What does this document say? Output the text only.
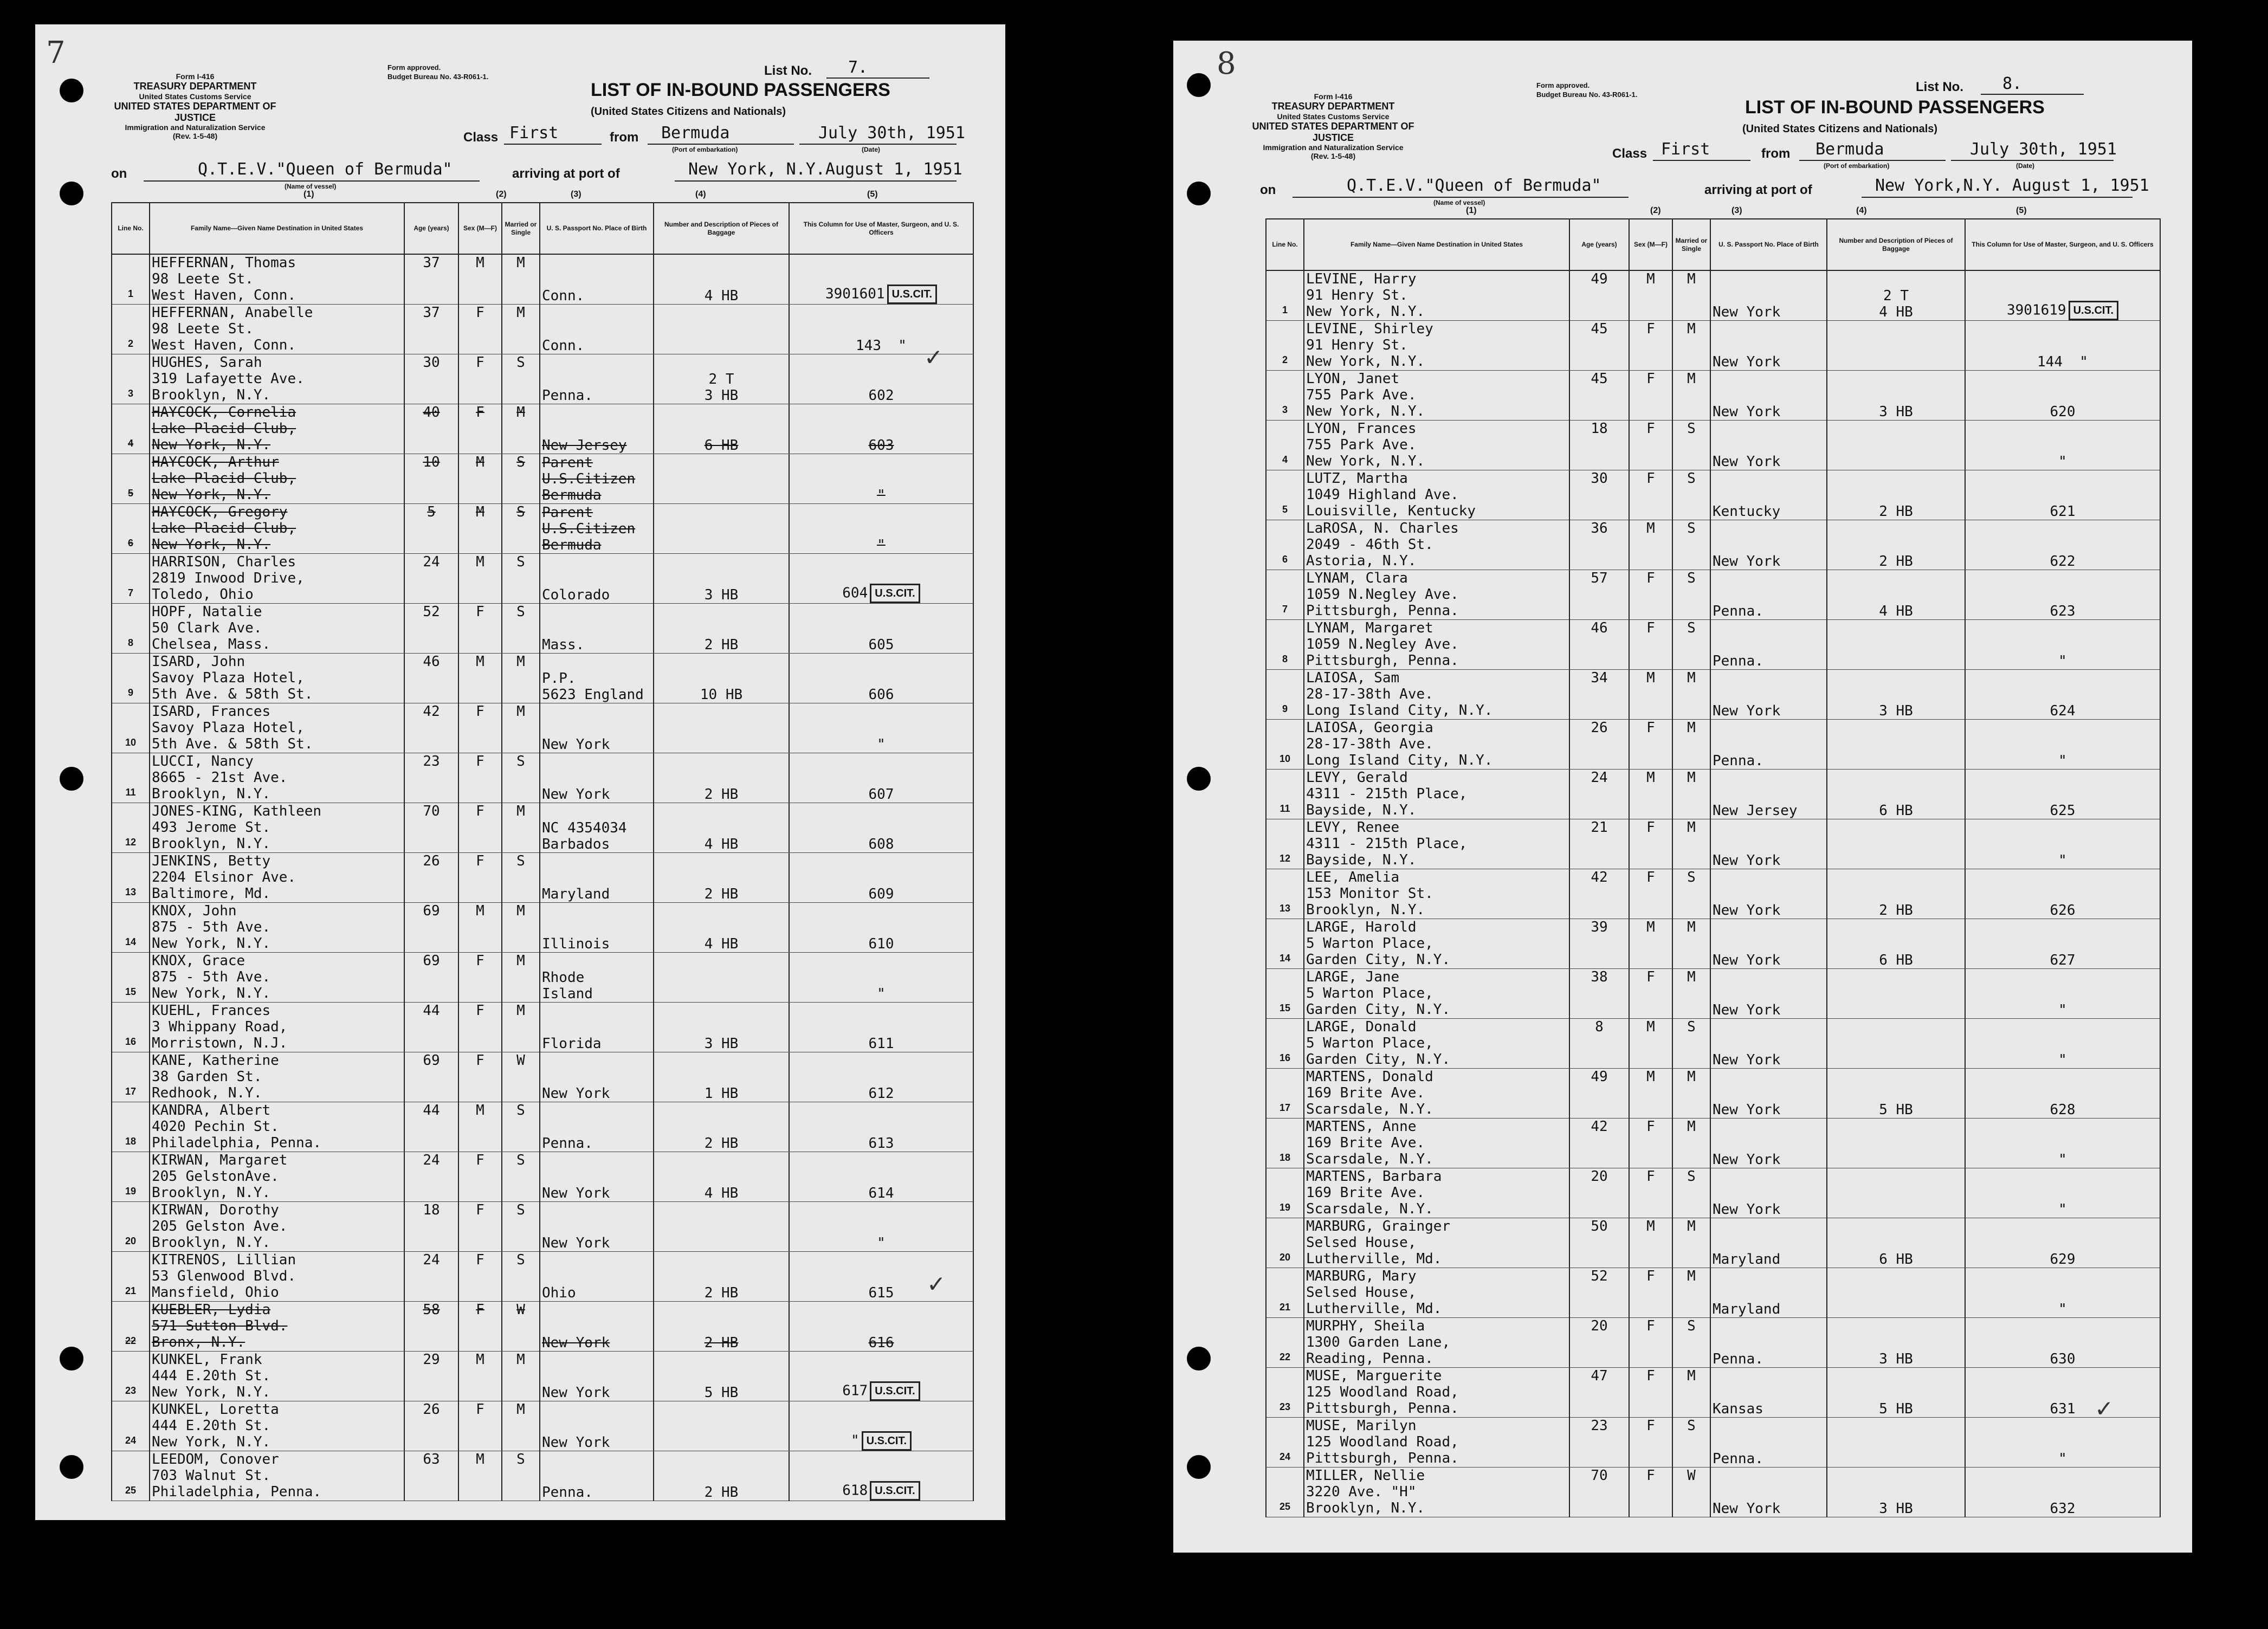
7
Form I-416
TREASURY DEPARTMENT
United States Customs Service
UNITED STATES DEPARTMENT OF JUSTICE
Immigration and Naturalization Service
(Rev. 1-5-48)
Form approved.
Budget Bureau No. 43-R061-1.	List No. 7.
LIST OF IN-BOUND PASSENGERS
(United States Citizens and Nationals)
Class First	from Bermuda
(Port of embarkation)
July 30th, 1951
(Date)
on	Q.T.E.V."Queen of Bermuda"
(Name of vessel)
arriving at port of	New York, N.Y.August 1, 1951
(1)	(2)	(3)	(4)	(5)
Line No.	Family Name—Given Name Destination in United States	Age (years)	Sex (M—F)	Married or Single	U. S. Passport No. Place of Birth	Number and Description of Pieces of Baggage	This Column for Use of Master, Surgeon, and U. S. Officers
1	HEFFERNAN, Thomas
98 Leete St.
West Haven, Conn.	37	M	M	Conn.	4 HB	3901601 U.S.CIT.
2	HEFFERNAN, Anabelle
98 Leete St.
West Haven, Conn.	37	F	M	Conn.		143  "
3	HUGHES, Sarah
319 Lafayette Ave.
Brooklyn, N.Y.	30	F	S	Penna.	2 T
3 HB	602
4	HAYCOCK, Cornelia
Lake Placid Club,
New York, N.Y.	40	F	M	New Jersey	6 HB	603
5	HAYCOCK, Arthur
Lake Placid Club,
New York, N.Y.	10	M	S	Parent
U.S.Citizen
Bermuda		"
6	HAYCOCK, Gregory
Lake Placid Club,
New York, N.Y.	5	M	S	Parent
U.S.Citizen
Bermuda		"
7	HARRISON, Charles
2819 Inwood Drive,
Toledo, Ohio	24	M	S	Colorado	3 HB	604 U.S.CIT.
8	HOPF, Natalie
50 Clark Ave.
Chelsea, Mass.	52	F	S	Mass.	2 HB	605
9	ISARD, John
Savoy Plaza Hotel,
5th Ave. & 58th St.	46	M	M	P.P.
5623 England	10 HB	606
10	ISARD, Frances
Savoy Plaza Hotel,
5th Ave. & 58th St.	42	F	M	New York		"
11	LUCCI, Nancy
8665 - 21st Ave.
Brooklyn, N.Y.	23	F	S	New York	2 HB	607
12	JONES-KING, Kathleen
493 Jerome St.
Brooklyn, N.Y.	70	F	M	NC 4354034
Barbados	4 HB	608
13	JENKINS, Betty
2204 Elsinor Ave.
Baltimore, Md.	26	F	S	Maryland	2 HB	609
14	KNOX, John
875 - 5th Ave.
New York, N.Y.	69	M	M	Illinois	4 HB	610
15	KNOX, Grace
875 - 5th Ave.
New York, N.Y.	69	F	M	Rhode
Island		"
16	KUEHL, Frances
3 Whippany Road,
Morristown, N.J.	44	F	M	Florida	3 HB	611
17	KANE, Katherine
38 Garden St.
Redhook, N.Y.	69	F	W	New York	1 HB	612
18	KANDRA, Albert
4020 Pechin St.
Philadelphia, Penna.	44	M	S	Penna.	2 HB	613
19	KIRWAN, Margaret
205 GelstonAve.
Brooklyn, N.Y.	24	F	S	New York	4 HB	614
20	KIRWAN, Dorothy
205 Gelston Ave.
Brooklyn, N.Y.	18	F	S	New York		"
21	KITRENOS, Lillian
53 Glenwood Blvd.
Mansfield, Ohio	24	F	S	Ohio	2 HB	615
22	KUEBLER, Lydia
571 Sutton Blvd.
Bronx, N.Y.	58	F	W	New York	2 HB	616
23	KUNKEL, Frank
444 E.20th St.
New York, N.Y.	29	M	M	New York	5 HB	617 U.S.CIT.
24	KUNKEL, Loretta
444 E.20th St.
New York, N.Y.	26	F	M	New York		" U.S.CIT.
25	LEEDOM, Conover
703 Walnut St.
Philadelphia, Penna.	63	M	S	Penna.	2 HB	618 U.S.CIT.
✓
✓
8
Form I-416
TREASURY DEPARTMENT
United States Customs Service
UNITED STATES DEPARTMENT OF JUSTICE
Immigration and Naturalization Service
(Rev. 1-5-48)
Form approved.
Budget Bureau No. 43-R061-1.
List No. 8.
LIST OF IN-BOUND PASSENGERS
(United States Citizens and Nationals)
Class First	from Bermuda
(Port of embarkation)
July 30th, 1951
(Date)
on	Q.T.E.V."Queen of Bermuda"
(Name of vessel)
arriving at port of	New York,N.Y. August 1, 1951
(1)	(2)	(3)	(4)	(5)
Line No.	Family Name—Given Name Destination in United States	Age (years)	Sex (M—F)	Married or Single	U. S. Passport No. Place of Birth	Number and Description of Pieces of Baggage	This Column for Use of Master, Surgeon, and U. S. Officers
1	LEVINE, Harry
91 Henry St.
New York, N.Y.	49	M	M	New York	2 T
4 HB	3901619 U.S.CIT.
2	LEVINE, Shirley
91 Henry St.
New York, N.Y.	45	F	M	New York		144  "
3	LYON, Janet
755 Park Ave.
New York, N.Y.	45	F	M	New York	3 HB	620
4	LYON, Frances
755 Park Ave.
New York, N.Y.	18	F	S	New York		"
5	LUTZ, Martha
1049 Highland Ave.
Louisville, Kentucky	30	F	S	Kentucky	2 HB	621
6	LaROSA, N. Charles
2049 - 46th St.
Astoria, N.Y.	36	M	S	New York	2 HB	622
7	LYNAM, Clara
1059 N.Negley Ave.
Pittsburgh, Penna.	57	F	S	Penna.	4 HB	623
8	LYNAM, Margaret
1059 N.Negley Ave.
Pittsburgh, Penna.	46	F	S	Penna.		"
9	LAIOSA, Sam
28-17-38th Ave.
Long Island City, N.Y.	34	M	M	New York	3 HB	624
10	LAIOSA, Georgia
28-17-38th Ave.
Long Island City, N.Y.	26	F	M	Penna.		"
11	LEVY, Gerald
4311 - 215th Place,
Bayside, N.Y.	24	M	M	New Jersey	6 HB	625
12	LEVY, Renee
4311 - 215th Place,
Bayside, N.Y.	21	F	M	New York		"
13	LEE, Amelia
153 Monitor St.
Brooklyn, N.Y.	42	F	S	New York	2 HB	626
14	LARGE, Harold
5 Warton Place,
Garden City, N.Y.	39	M	M	New York	6 HB	627
15	LARGE, Jane
5 Warton Place,
Garden City, N.Y.	38	F	M	New York		"
16	LARGE, Donald
5 Warton Place,
Garden City, N.Y.	8	M	S	New York		"
17	MARTENS, Donald
169 Brite Ave.
Scarsdale, N.Y.	49	M	M	New York	5 HB	628
18	MARTENS, Anne
169 Brite Ave.
Scarsdale, N.Y.	42	F	M	New York		"
19	MARTENS, Barbara
169 Brite Ave.
Scarsdale, N.Y.	20	F	S	New York		"
20	MARBURG, Grainger
Selsed House,
Lutherville, Md.	50	M	M	Maryland	6 HB	629
21	MARBURG, Mary
Selsed House,
Lutherville, Md.	52	F	M	Maryland		"
22	MURPHY, Sheila
1300 Garden Lane,
Reading, Penna.	20	F	S	Penna.	3 HB	630
23	MUSE, Marguerite
125 Woodland Road,
Pittsburgh, Penna.	47	F	M	Kansas	5 HB	631
24	MUSE, Marilyn
125 Woodland Road,
Pittsburgh, Penna.	23	F	S	Penna.		"
25	MILLER, Nellie
3220 Ave. "H"
Brooklyn, N.Y.	70	F	W	New York	3 HB	632
✓
